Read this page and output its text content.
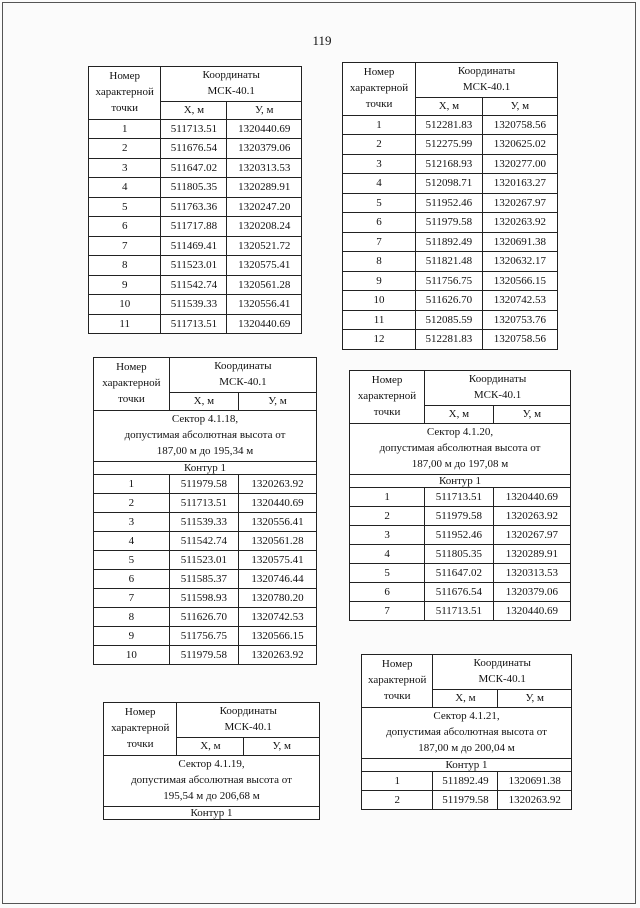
119
Номер
характерной
точки	Координаты
МСК-40.1	
	X, м	У, м
1	511713.51	1320440.69
2	511676.54	1320379.06
3	511647.02	1320313.53
4	511805.35	1320289.91
5	511763.36	1320247.20
6	511717.88	1320208.24
7	511469.41	1320521.72
8	511523.01	1320575.41
9	511542.74	1320561.28
10	511539.33	1320556.41
11	511713.51	1320440.69
Номер
характерной
точки	Координаты
МСК-40.1	
	X, м	У, м
1	512281.83	1320758.56
2	512275.99	1320625.02
3	512168.93	1320277.00
4	512098.71	1320163.27
5	511952.46	1320267.97
6	511979.58	1320263.92
7	511892.49	1320691.38
8	511821.48	1320632.17
9	511756.75	1320566.15
10	511626.70	1320742.53
11	512085.59	1320753.76
12	512281.83	1320758.56
Номер
характерной
точки	Координаты
МСК-40.1	
	X, м	У, м
Сектор 4.1.18,
допустимая абсолютная высота от
187,00 м до 195,34 м		
Контур 1		
1	511979.58	1320263.92
2	511713.51	1320440.69
3	511539.33	1320556.41
4	511542.74	1320561.28
5	511523.01	1320575.41
6	511585.37	1320746.44
7	511598.93	1320780.20
8	511626.70	1320742.53
9	511756.75	1320566.15
10	511979.58	1320263.92
Номер
характерной
точки	Координаты
МСК-40.1	
	X, м	У, м
Сектор 4.1.20,
допустимая абсолютная высота от
187,00 м до 197,08 м		
Контур 1		
1	511713.51	1320440.69
2	511979.58	1320263.92
3	511952.46	1320267.97
4	511805.35	1320289.91
5	511647.02	1320313.53
6	511676.54	1320379.06
7	511713.51	1320440.69
Номер
характерной
точки	Координаты
МСК-40.1	
	X, м	У, м
Сектор 4.1.19,
допустимая абсолютная высота от
195,54 м до 206,68 м		
Контур 1		
Номер
характерной
точки	Координаты
МСК-40.1	
	X, м	У, м
Сектор 4.1.21,
допустимая абсолютная высота от
187,00 м до 200,04 м		
Контур 1		
1	511892.49	1320691.38
2	511979.58	1320263.92
